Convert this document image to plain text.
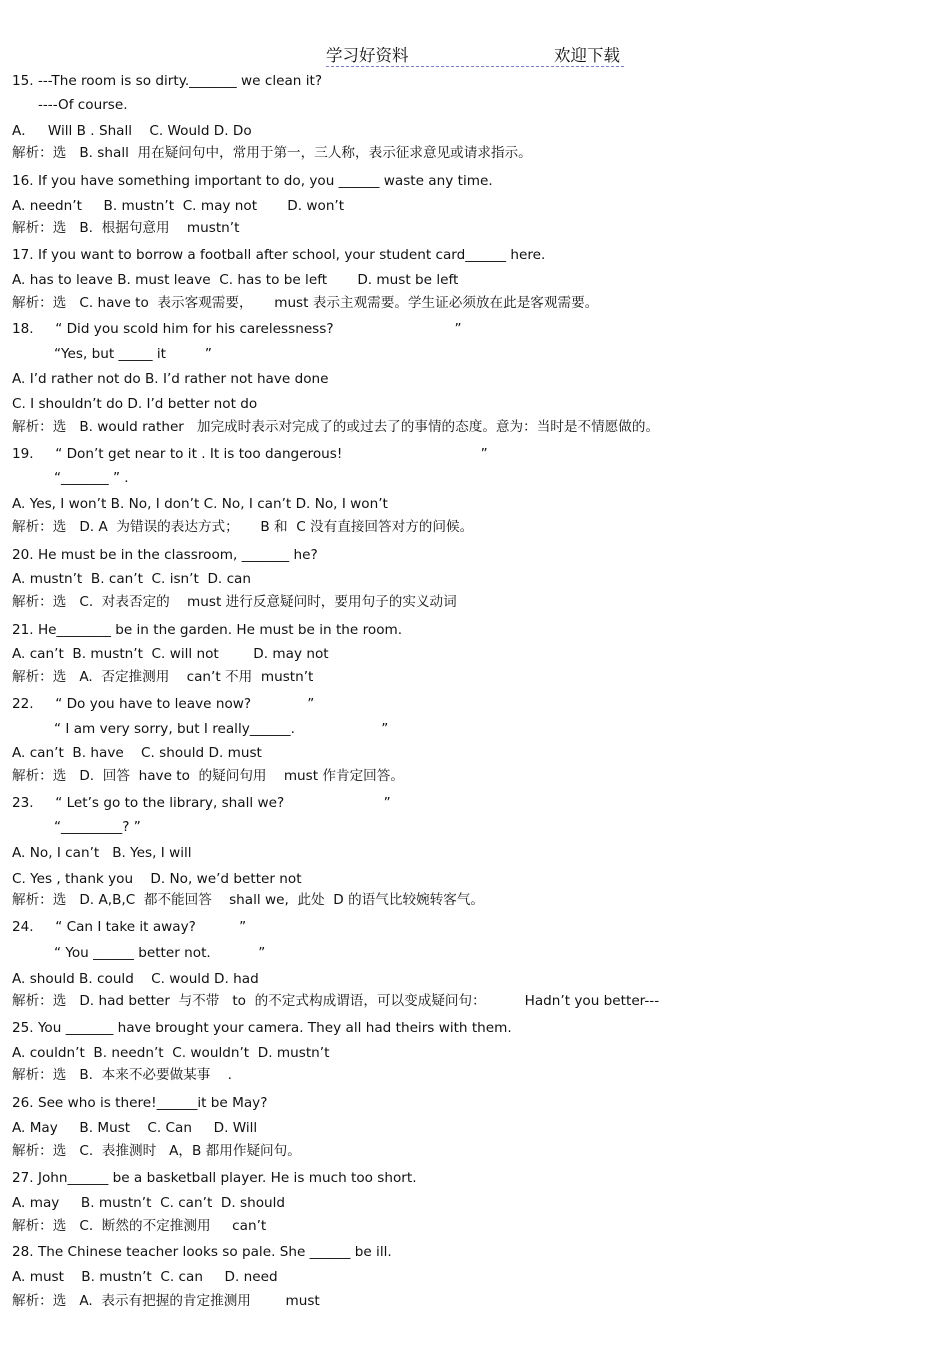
学习好资料	欢迎下载
15. ---The room is so dirty._______ we clean it?
----Of course.
A．   Will B . Shall    C. Would D. Do
解析：选   B. shall  用在疑问句中，常用于第一，三人称，表示征求意见或请求指示。
16. If you have something important to do, you ______ waste any time.
A. needn’t     B. mustn’t  C. may not       D. won’t
解析：选   B.  根据句意用    mustn’t
17. If you want to borrow a football after school, your student card______ here.
A. has to leave B. must leave  C. has to be left       D. must be left
解析：选   C. have to  表示客观需要，     must 表示主观需要。学生证必须放在此是客观需要。
18.     “ Did you scold him for his carelessness?                            ”
“Yes, but _____ it         ”
A. I’d rather not do B. I’d rather not have done
C. I shouldn’t do D. I’d better not do
解析：选   B. would rather   加完成时表示对完成了的或过去了的事情的态度。意为：当时是不情愿做的。
19.     “ Don’t get near to it . It is too dangerous!                                ”
“_______ ” .
A. Yes, I won’t B. No, I don’t C. No, I can’t D. No, I won’t
解析：选   D. A  为错误的表达方式；     B 和  C 没有直接回答对方的问候。
20. He must be in the classroom, _______ he?
A. mustn’t  B. can’t  C. isn’t  D. can
解析：选   C.  对表否定的    must 进行反意疑问时，要用句子的实义动词
21. He________ be in the garden. He must be in the room.
A. can’t  B. mustn’t  C. will not        D. may not
解析：选   A.  否定推测用    can’t 不用  mustn’t
22.     “ Do you have to leave now?             ”
“ I am very sorry, but I really______.                    ”
A. can’t  B. have    C. should D. must
解析：选   D.  回答  have to  的疑问句用    must 作肯定回答。
23.     “ Let’s go to the library, shall we?                       ”
“_________? ”
A. No, I can’t   B. Yes, I will
C. Yes , thank you    D. No, we’d better not
解析：选   D. A,B,C  都不能回答    shall we,  此处  D 的语气比较婉转客气。
24.     “ Can I take it away?          ”
“ You ______ better not.           ”
A. should B. could    C. would D. had
解析：选   D. had better  与不带   to  的不定式构成谓语，可以变成疑问句：         Hadn’t you better---
25. You _______ have brought your camera. They all had theirs with them.
A. couldn’t  B. needn’t  C. wouldn’t  D. mustn’t
解析：选   B.  本来不必要做某事    .
26. See who is there!______it be May?
A. May     B. Must    C. Can     D. Will
解析：选   C.  表推测时   A，B 都用作疑问句。
27. John______ be a basketball player. He is much too short.
A. may     B. mustn’t  C. can’t  D. should
解析：选   C.  断然的不定推测用     can’t
28. The Chinese teacher looks so pale. She ______ be ill.
A. must    B. mustn’t  C. can     D. need
解析：选   A.  表示有把握的肯定推测用        must
